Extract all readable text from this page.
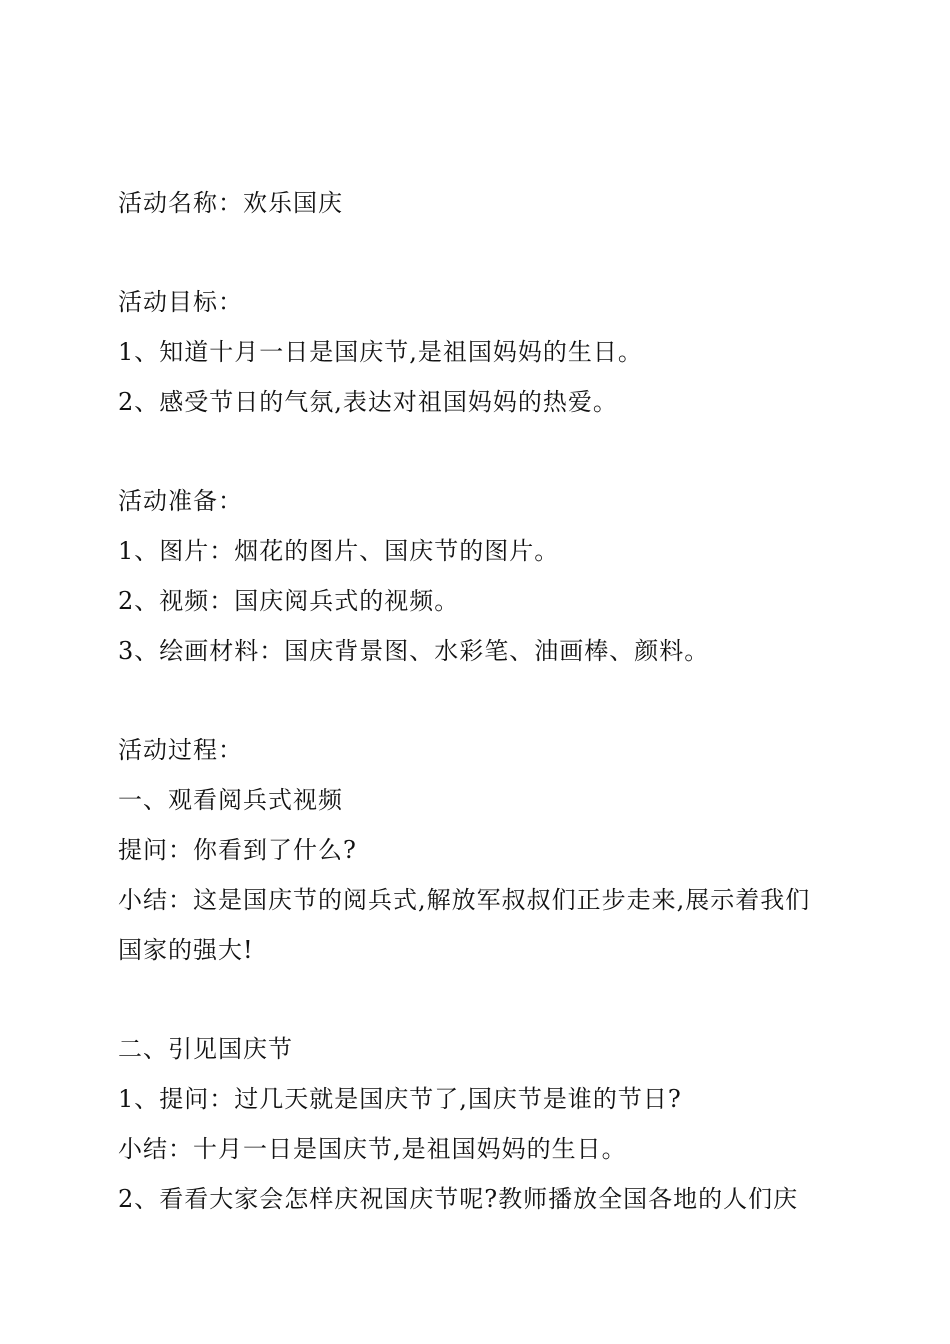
活动名称：欢乐国庆
活动目标：
1、知道十月一日是国庆节,是祖国妈妈的生日。
2、感受节日的气氛,表达对祖国妈妈的热爱。
活动准备：
1、图片：烟花的图片、国庆节的图片。
2、视频：国庆阅兵式的视频。
3、绘画材料：国庆背景图、水彩笔、油画棒、颜料。
活动过程：
一、观看阅兵式视频
提问：你看到了什么?
小结：这是国庆节的阅兵式,解放军叔叔们正步走来,展示着我们
国家的强大!
二、引见国庆节
1、提问：过几天就是国庆节了,国庆节是谁的节日?
小结：十月一日是国庆节,是祖国妈妈的生日。
2、看看大家会怎样庆祝国庆节呢?教师播放全国各地的人们庆
